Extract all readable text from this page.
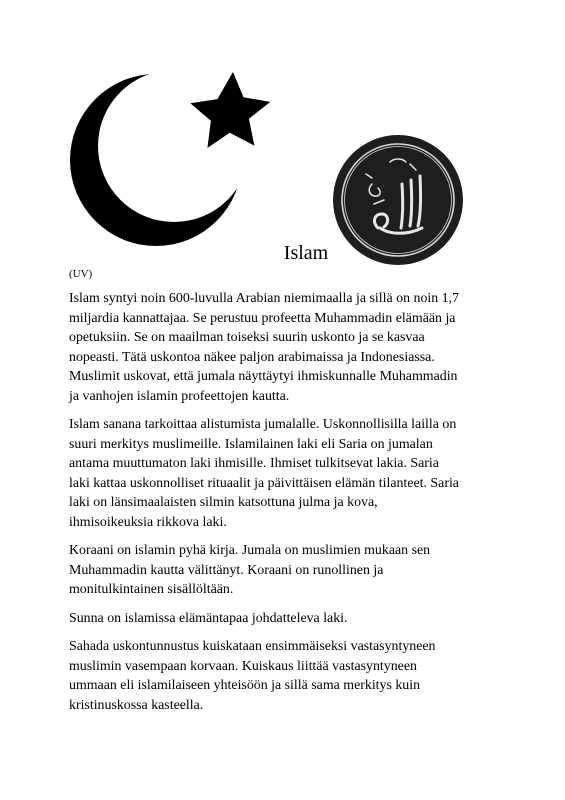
Islam
(UV)

Islam syntyi noin 600-luvulla Arabian niemimaalla ja sillä on noin 1,7
miljardia kannattajaa. Se perustuu profeetta Muhammadin elämään ja
opetuksiin. Se on maailman toiseksi suurin uskonto ja se kasvaa
nopeasti. Tätä uskontoa näkee paljon arabimaissa ja Indonesiassa.
Muslimit uskovat, että jumala näyttäytyi ihmiskunnalle Muhammadin
ja vanhojen islamin profeettojen kautta.

Islam sanana tarkoittaa alistumista jumalalle. Uskonnollisilla lailla on
suuri merkitys muslimeille. Islamilainen laki eli Saria on jumalan
antama muuttumaton laki ihmisille. Ihmiset tulkitsevat lakia. Saria
laki kattaa uskonnolliset rituaalit ja päivittäisen elämän tilanteet. Saria
laki on länsimaalaisten silmin katsottuna julma ja kova,
ihmisoikeuksia rikkova laki.

Koraani on islamin pyhä kirja. Jumala on muslimien mukaan sen
Muhammadin kautta välittänyt. Koraani on runollinen ja
monitulkintainen sisällöltään.

Sunna on islamissa elämäntapaa johdatteleva laki.

Sahada uskontunnustus kuiskataan ensimmäiseksi vastasyntyneen
muslimin vasempaan korvaan. Kuiskaus liittää vastasyntyneen
ummaan eli islamilaiseen yhteisöön ja sillä sama merkitys kuin
kristinuskossa kasteella.
